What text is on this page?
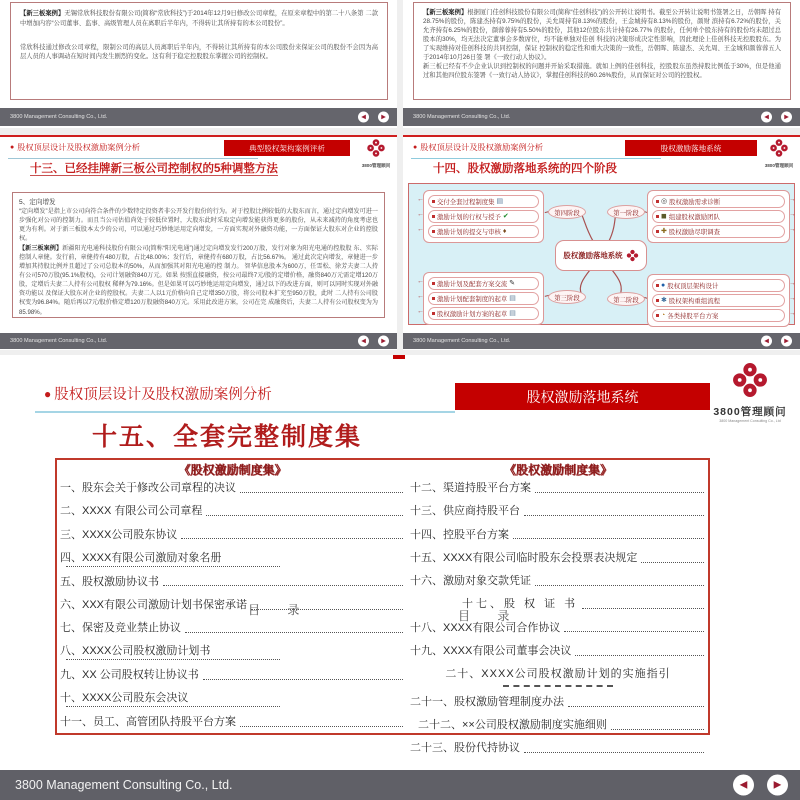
【新三板案例】无锡常欣科技股份有限公司(简称“常欣科技”)于2014年12月9日修改公司章程，在原来章程中的第二十八条第 二款中增加内容“公司董事、监事、高级管理人员在离职后半年内，不得转让其所持有的本公司股份”。

常欣科技通过修改公司章程，限制公司的高层人员离职后半年内，不得转让其所持有的本公司股份来保证公司的股份不会因为高层人员的人事调动在短时间内发生剧烈的变化。这有利于稳定控股股东掌握公司的控制权。

3800 Management Consulting Co., Ltd.	◀	▶

【新三板案例】根据厦门佳创科技股份有限公司(简称“佳创科技”)的公开转让说明书。截至公开转让说明书签署之日，岳朝晖 持有28.75%的股份，陈建杰持有9.75%的股份，关允周持有8.13%的股份，王金城持有8.13%的股份，颜财 滨持有6.72%的股份，关允齐持有6.25%的股份，颜蓉蓉持有5.50%的股份，其他12位股东共计持有26.77% 的股份，任何单个股东持有的股份均未超过总股本的30%，均无法决定董事会多数席位，均不能单独对佳创 科技的决策形成决定性影响，因此理论上佳创科技无控股股东。为了实现维持对佳创科技的共同控制，保证 控制权的稳定性和重大决策的一致性，岳朝晖、陈建杰、关允周、王金城和颜蓉蓉五人于2014年10月26日签 署《一致行动人协议》。

新三板已经有不少企业认识到控制权的问题并开始采取措施。就如上例的佳创科技，控股股东虽然持股比例低于30%，但是他通过和其他四位股东签署《一致行动人协议》，掌握佳创科技的60.26%股份，从而保证对公司的控股权。

3800 Management Consulting Co., Ltd.	◀	▶
● 股权顶层设计及股权激励案例分析	典型股权架构案例评析
3800管理顾问
十三、已经挂牌新三板公司控制权的5种调整方法
5、定向增发

“定向增发”是指上市公司向符合条件的少数特定投资者非公开发行股份的行为。对于控股比例较低的大股东而言，通过定向增发可进一步强化对公司的控制力。而且当公司估值尚处于较低位置时，大股东此时采取定向增发能获得更多的股份，从未来减持的角度考虑也更为有利。对于新三板股本太少的公司，可以通过巧妙地运用定向增发，一方面实现对外融资功能，一方面保证大股东对企业的控股权。

【新三板案例】新疆阳光电通科技股份有限公司(简称“阳光电通”)通过定向增发发行200万股，发行对象为阳光电通的控股股 东、实际控制人章健。发行前，章健持有480万股，占比48.00%；发行后，章健持有680万股，占比56.67%。 通过此次定向增发，章健进一步增加其持股比例并且超过了公司总股本的50%，从而加强其对阳光电通的控 制力。 智华信息股本为600万，任雪松、徐芳夫妻二人持有公司570万股(95.1%股权)，公司计划融资840万元。如果 按照直接融资，按公司最终7元/股的定增价格，融资840万元需定增120万股，定增后夫妻二人持有公司股权 稀释为79.16%。但是如果可以巧妙地运用定向增发，通过以下的改进方面，则可以同时实现对外融资功能以 及保证大股东对企业的控股权。夫妻二人以1元价格向自己定增350万股，将公司股本扩充至950万股，此时 二人持有公司股权变为96.84%。随后再以7元/股价格定增120万股融资840万元。采用此改进方案，公司在完 成融资后，夫妻二人持有公司股权变为为85.98%。

3800 Management Consulting Co., Ltd.	◀	▶
● 股权顶层设计及股权激励案例分析	股权激励落地系统
3800管理顾问
十四、股权激励落地系统的四个阶段
交付全套过程制度集 ▤
←
激励计划的行权与授予 ✔
←
激励计划的提交与审核 ♦
←
第四阶段
◎ 股权激励需求诊断
→
◼ 组建股权激励团队
→
✚ 股权激励尽职调查
→
第一阶段
股权激励落地系统
激励计划及配套方案交流 ✎
←
激励计划配套制度的起草 ▤
←
股权激励计划方案的起草 ▤
←
第三阶段
● 股权顶层架构设计
→
✱ 股权架构重组流程
→
◔ 各类持股平台方案
→
第二阶段
3800 Management Consulting Co., Ltd.	◀	▶
● 股权顶层设计及股权激励案例分析	股权激励落地系统
3800管理顾问
3800 Management Consulting Co., Ltd
十五、全套完整制度集
《股权激励制度集》
目 录
一、股东会关于修改公司章程的决议
二、XXXX 有限公司公司章程
三、XXXX公司股东协议
四、XXXX有限公司激励对象名册
五、股权激励协议书
六、XXX有限公司激励计划书保密承诺
七、保密及竞业禁止协议
八、XXXX公司股权激励计划书
九、XX 公司股权转让协议书
十、XXXX公司股东会决议
十一、员工、高管团队持股平台方案
《股权激励制度集》
目 录
十二、渠道持股平台方案
十三、供应商持股平台
十四、控股平台方案
十五、XXXX有限公司临时股东会投票表决规定
十六、激励对象交款凭证
十七、股 权 证 书
十八、XXXX有限公司合作协议
十九、XXXX有限公司董事会决议
二十、XXXX公司股权激励计划的实施指引
二十一、股权激励管理制度办法
二十二、××公司股权激励制度实施细则
二十三、股份代持协议
3800 Management Consulting Co., Ltd.	◀	▶
